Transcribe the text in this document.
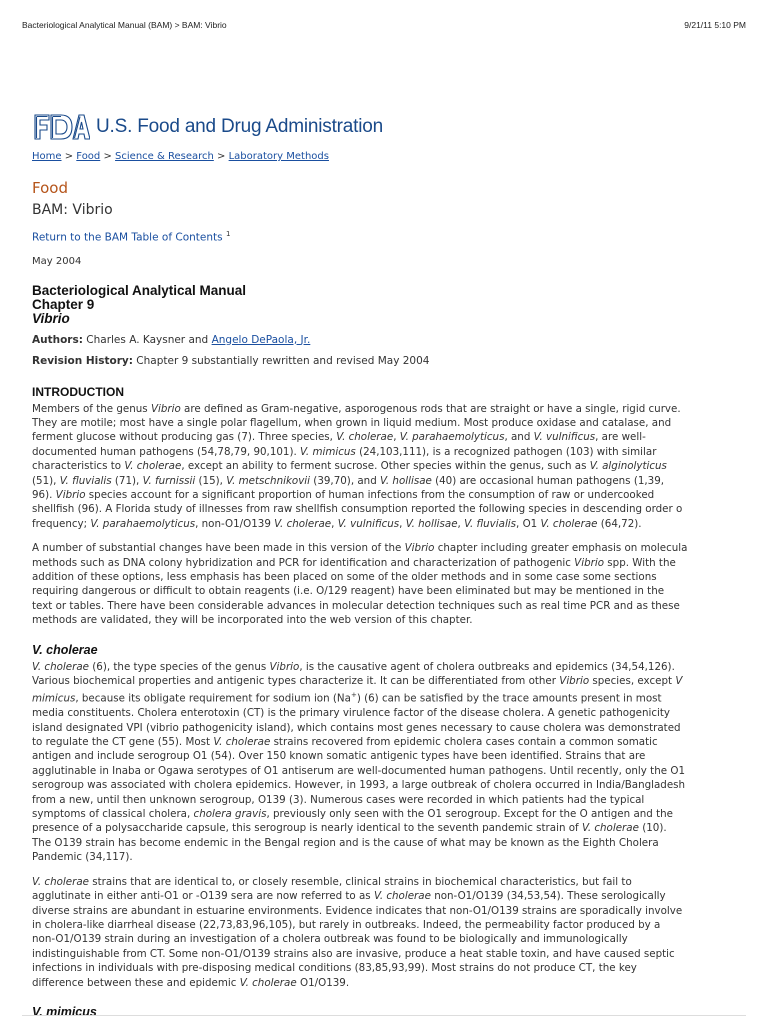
Bacteriological Analytical Manual (BAM) > BAM: Vibrio	9/21/11 5:10 PM
U.S. Food and Drug Administration
Home > Food > Science & Research > Laboratory Methods
Food
BAM: Vibrio
Return to the BAM Table of Contents $^1$
May 2004
Bacteriological Analytical Manual
Chapter 9
Vibrio
Authors: Charles A. Kaysner and Angelo DePaola, Jr.
Revision History: Chapter 9 substantially rewritten and revised May 2004
INTRODUCTION
Members of the genus Vibrio are defined as Gram-negative, asporogenous rods that are straight or have a single, rigid curve.
They are motile; most have a single polar flagellum, when grown in liquid medium. Most produce oxidase and catalase, and
ferment glucose without producing gas (7). Three species, V. cholerae, V. parahaemolyticus, and V. vulnificus, are well-
documented human pathogens (54,78,79, 90,101). V. mimicus (24,103,111), is a recognized pathogen (103) with similar
characteristics to V. cholerae, except an ability to ferment sucrose. Other species within the genus, such as V. alginolyticus
(51), V. fluvialis (71), V. furnissii (15), V. metschnikovii (39,70), and V. hollisae (40) are occasional human pathogens (1,39,
96). Vibrio species account for a significant proportion of human infections from the consumption of raw or undercooked
shellfish (96). A Florida study of illnesses from raw shellfish consumption reported the following species in descending order o
frequency; V. parahaemolyticus, non-O1/O139 V. cholerae, V. vulnificus, V. hollisae, V. fluvialis, O1 V. cholerae (64,72).
A number of substantial changes have been made in this version of the Vibrio chapter including greater emphasis on molecula
methods such as DNA colony hybridization and PCR for identification and characterization of pathogenic Vibrio spp. With the
addition of these options, less emphasis has been placed on some of the older methods and in some case some sections
requiring dangerous or difficult to obtain reagents (i.e. O/129 reagent) have been eliminated but may be mentioned in the
text or tables. There have been considerable advances in molecular detection techniques such as real time PCR and as these
methods are validated, they will be incorporated into the web version of this chapter.
V. cholerae
V. cholerae (6), the type species of the genus Vibrio, is the causative agent of cholera outbreaks and epidemics (34,54,126).
Various biochemical properties and antigenic types characterize it. It can be differentiated from other Vibrio species, except V
mimicus, because its obligate requirement for sodium ion (Na+) (6) can be satisfied by the trace amounts present in most
media constituents. Cholera enterotoxin (CT) is the primary virulence factor of the disease cholera. A genetic pathogenicity
island designated VPI (vibrio pathogenicity island), which contains most genes necessary to cause cholera was demonstrated
to regulate the CT gene (55). Most V. cholerae strains recovered from epidemic cholera cases contain a common somatic
antigen and include serogroup O1 (54). Over 150 known somatic antigenic types have been identified. Strains that are
agglutinable in Inaba or Ogawa serotypes of O1 antiserum are well-documented human pathogens. Until recently, only the O1
serogroup was associated with cholera epidemics. However, in 1993, a large outbreak of cholera occurred in India/Bangladesh
from a new, until then unknown serogroup, O139 (3). Numerous cases were recorded in which patients had the typical
symptoms of classical cholera, cholera gravis, previously only seen with the O1 serogroup. Except for the O antigen and the
presence of a polysaccharide capsule, this serogroup is nearly identical to the seventh pandemic strain of V. cholerae (10).
The O139 strain has become endemic in the Bengal region and is the cause of what may be known as the Eighth Cholera
Pandemic (34,117).
V. cholerae strains that are identical to, or closely resemble, clinical strains in biochemical characteristics, but fail to
agglutinate in either anti-O1 or -O139 sera are now referred to as V. cholerae non-O1/O139 (34,53,54). These serologically
diverse strains are abundant in estuarine environments. Evidence indicates that non-O1/O139 strains are sporadically involve
in cholera-like diarrheal disease (22,73,83,96,105), but rarely in outbreaks. Indeed, the permeability factor produced by a
non-O1/O139 strain during an investigation of a cholera outbreak was found to be biologically and immunologically
indistinguishable from CT. Some non-O1/O139 strains also are invasive, produce a heat stable toxin, and have caused septic
infections in individuals with pre-disposing medical conditions (83,85,93,99). Most strains do not produce CT, the key
difference between these and epidemic V. cholerae O1/O139.
V. mimicus
